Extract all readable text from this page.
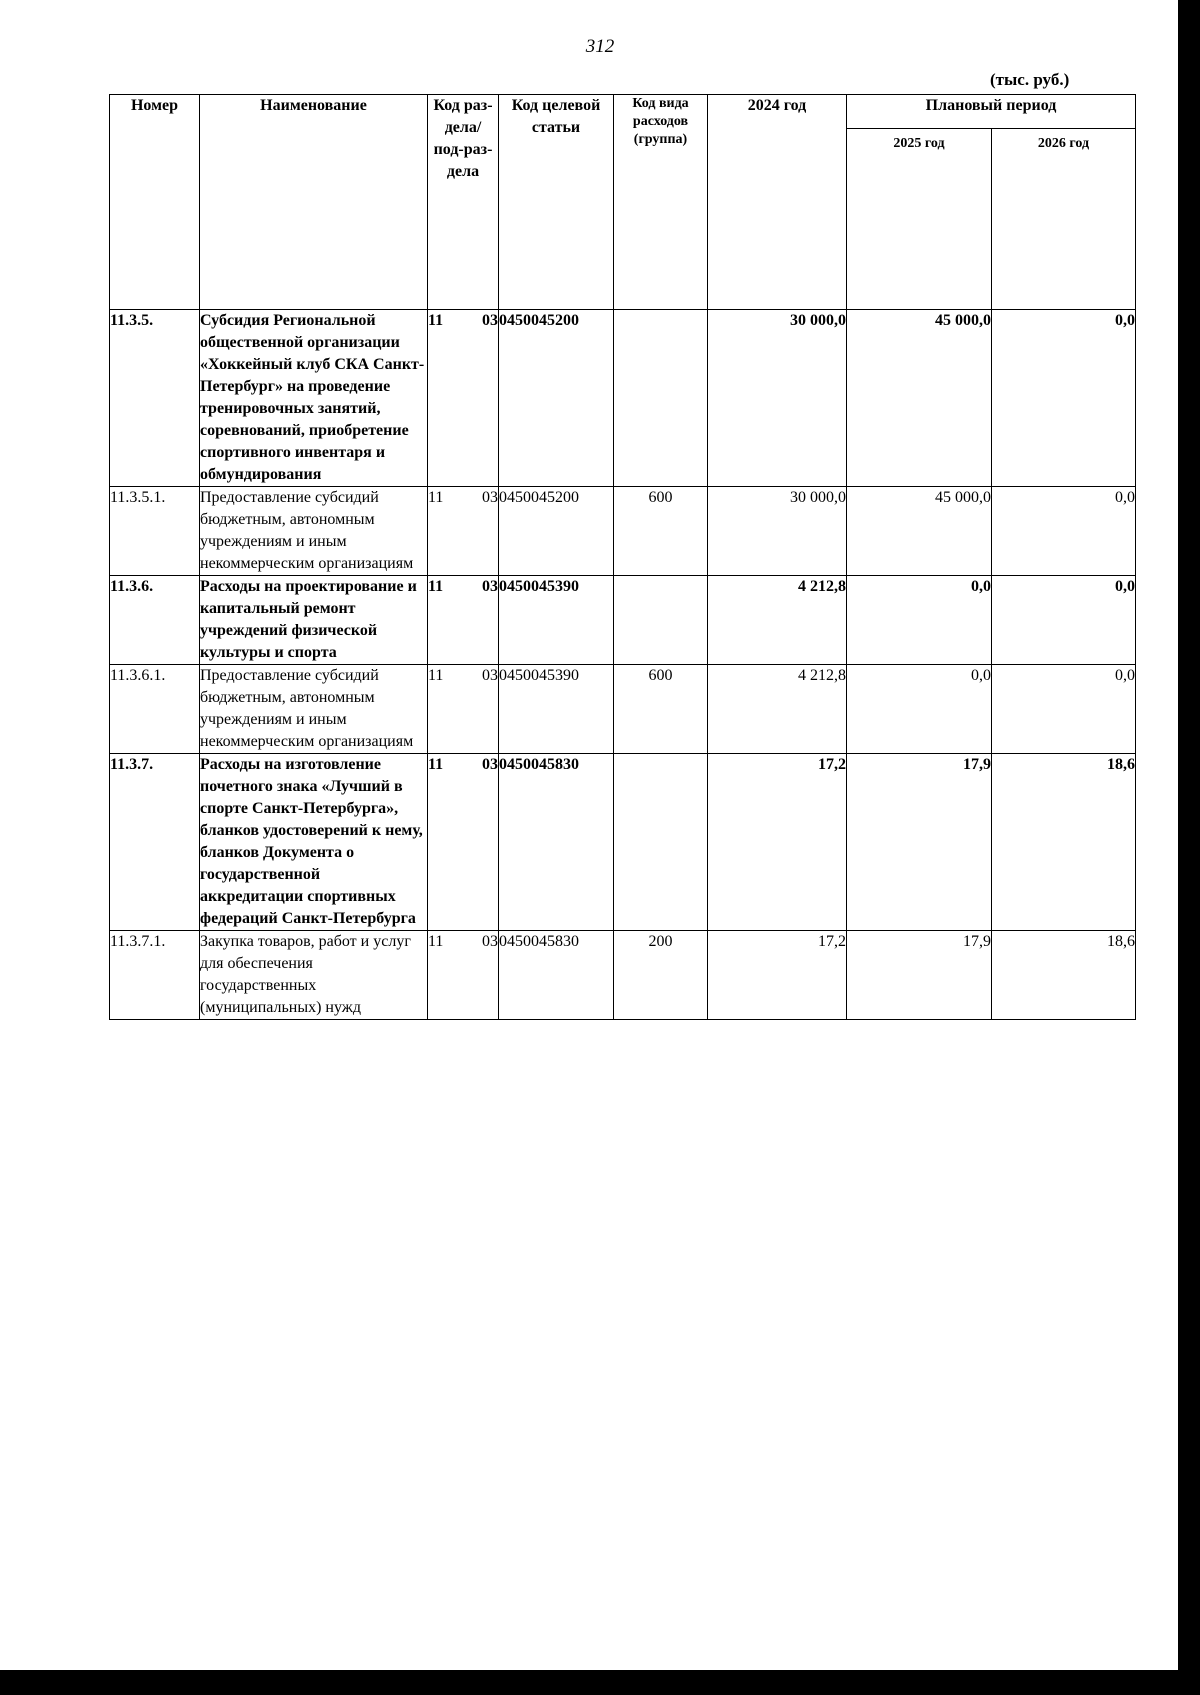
312
(тыс. руб.)
Номер	Наименование	Код раз-дела/ под-раз-дела	Код целевой статьи	Код вида расходов (группа)	2024 год	Плановый период	

						2025 год	2026 год

11.3.5.	Субсидия Региональной общественной организации «Хоккейный клуб СКА Санкт-Петербург» на проведение тренировочных занятий, соревнований, приобретение спортивного инвентаря и обмундирования	11 03	0450045200		30 000,0	45 000,0	0,0
11.3.5.1.	Предоставление субсидий бюджетным, автономным учреждениям и иным некоммерческим организациям	11 03	0450045200	600	30 000,0	45 000,0	0,0
11.3.6.	Расходы на проектирование и капитальный ремонт учреждений физической культуры и спорта	11 03	0450045390		4 212,8	0,0	0,0
11.3.6.1.	Предоставление субсидий бюджетным, автономным учреждениям и иным некоммерческим организациям	11 03	0450045390	600	4 212,8	0,0	0,0
11.3.7.	Расходы на изготовление почетного знака «Лучший в спорте Санкт-Петербурга», бланков удостоверений к нему, бланков Документа о государственной аккредитации спортивных федераций Санкт-Петербурга	11 03	0450045830		17,2	17,9	18,6
11.3.7.1.	Закупка товаров, работ и услуг для обеспечения государственных (муниципальных) нужд	11 03	0450045830	200	17,2	17,9	18,6
